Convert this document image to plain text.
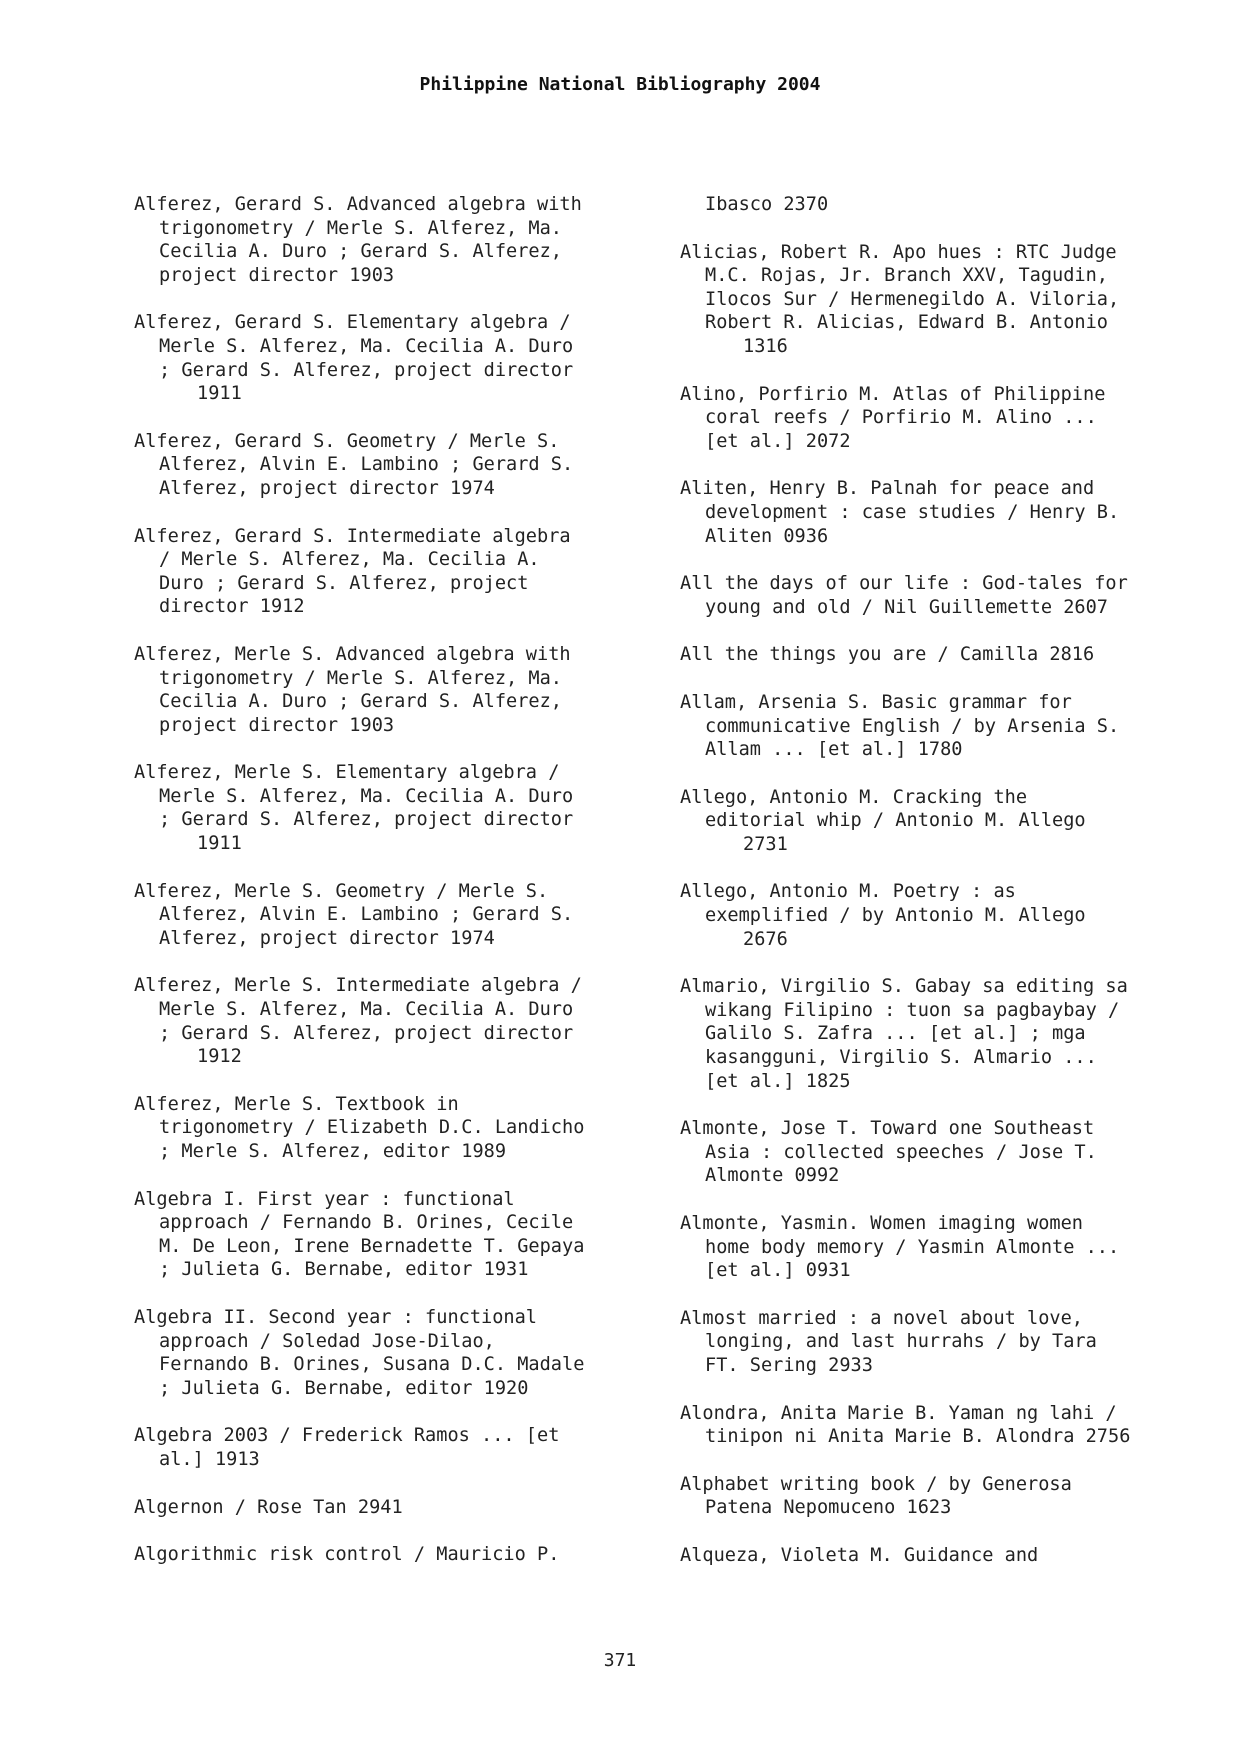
Philippine National Bibliography 2004
Alferez, Gerard S. Advanced algebra with
trigonometry / Merle S. Alferez, Ma.
Cecilia A. Duro ; Gerard S. Alferez,
project director 1903
Alferez, Gerard S. Elementary algebra /
Merle S. Alferez, Ma. Cecilia A. Duro
; Gerard S. Alferez, project director
1911
Alferez, Gerard S. Geometry / Merle S.
Alferez, Alvin E. Lambino ; Gerard S.
Alferez, project director 1974
Alferez, Gerard S. Intermediate algebra
/ Merle S. Alferez, Ma. Cecilia A.
Duro ; Gerard S. Alferez, project
director 1912
Alferez, Merle S. Advanced algebra with
trigonometry / Merle S. Alferez, Ma.
Cecilia A. Duro ; Gerard S. Alferez,
project director 1903
Alferez, Merle S. Elementary algebra /
Merle S. Alferez, Ma. Cecilia A. Duro
; Gerard S. Alferez, project director
1911
Alferez, Merle S. Geometry / Merle S.
Alferez, Alvin E. Lambino ; Gerard S.
Alferez, project director 1974
Alferez, Merle S. Intermediate algebra /
Merle S. Alferez, Ma. Cecilia A. Duro
; Gerard S. Alferez, project director
1912
Alferez, Merle S. Textbook in
trigonometry / Elizabeth D.C. Landicho
; Merle S. Alferez, editor 1989
Algebra I. First year : functional
approach / Fernando B. Orines, Cecile
M. De Leon, Irene Bernadette T. Gepaya
; Julieta G. Bernabe, editor 1931
Algebra II. Second year : functional
approach / Soledad Jose-Dilao,
Fernando B. Orines, Susana D.C. Madale
; Julieta G. Bernabe, editor 1920
Algebra 2003 / Frederick Ramos ... [et
al.] 1913
Algernon / Rose Tan 2941
Algorithmic risk control / Mauricio P.
Ibasco 2370
Alicias, Robert R. Apo hues : RTC Judge
M.C. Rojas, Jr. Branch XXV, Tagudin,
Ilocos Sur / Hermenegildo A. Viloria,
Robert R. Alicias, Edward B. Antonio
1316
Alino, Porfirio M. Atlas of Philippine
coral reefs / Porfirio M. Alino ...
[et al.] 2072
Aliten, Henry B. Palnah for peace and
development : case studies / Henry B.
Aliten 0936
All the days of our life : God-tales for
young and old / Nil Guillemette 2607
All the things you are / Camilla 2816
Allam, Arsenia S. Basic grammar for
communicative English / by Arsenia S.
Allam ... [et al.] 1780
Allego, Antonio M. Cracking the
editorial whip / Antonio M. Allego
2731
Allego, Antonio M. Poetry : as
exemplified / by Antonio M. Allego
2676
Almario, Virgilio S. Gabay sa editing sa
wikang Filipino : tuon sa pagbaybay /
Galilo S. Zafra ... [et al.] ; mga
kasangguni, Virgilio S. Almario ...
[et al.] 1825
Almonte, Jose T. Toward one Southeast
Asia : collected speeches / Jose T.
Almonte 0992
Almonte, Yasmin. Women imaging women
home body memory / Yasmin Almonte ...
[et al.] 0931
Almost married : a novel about love,
longing, and last hurrahs / by Tara
FT. Sering 2933
Alondra, Anita Marie B. Yaman ng lahi /
tinipon ni Anita Marie B. Alondra 2756
Alphabet writing book / by Generosa
Patena Nepomuceno 1623
Alqueza, Violeta M. Guidance and
371
